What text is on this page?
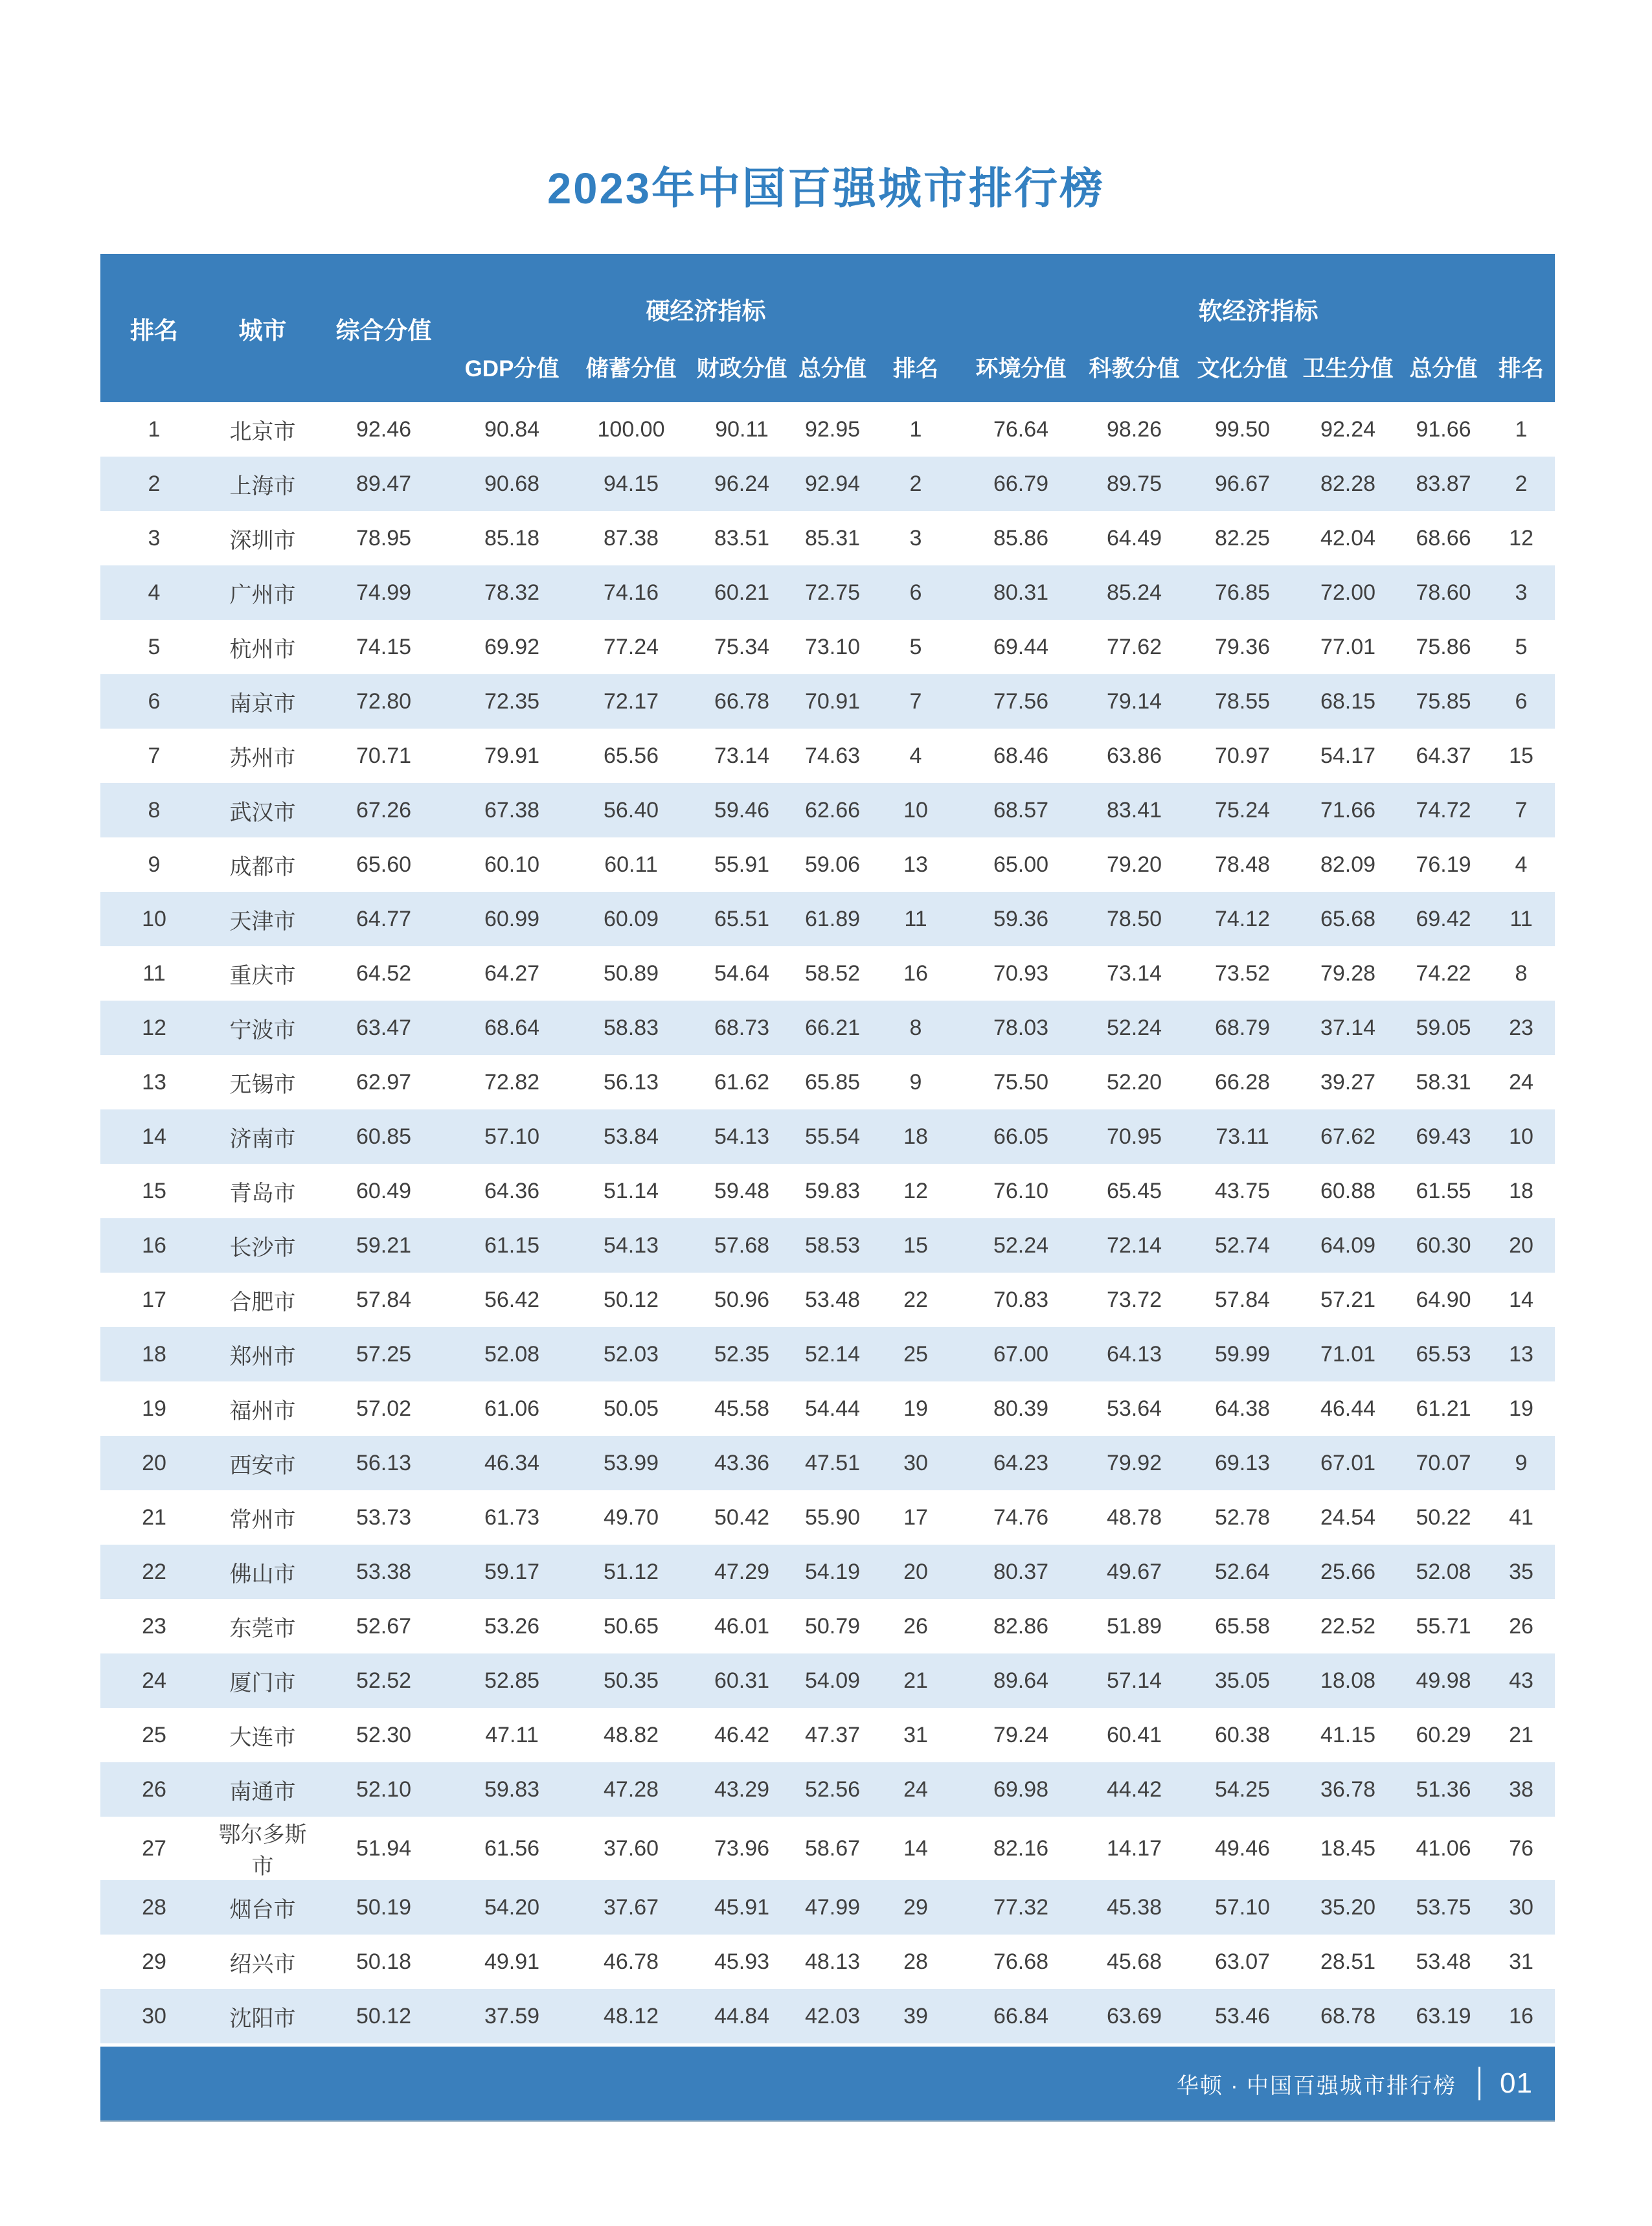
2023年中国百强城市排行榜
排名	城市	综合分值	硬经济指标					软经济指标					
			GDP分值	储蓄分值	财政分值	总分值	排名	环境分值	科教分值	文化分值	卫生分值	总分值	排名
1	北京市	92.46	90.84	100.00	90.11	92.95	1	76.64	98.26	99.50	92.24	91.66	1
2	上海市	89.47	90.68	94.15	96.24	92.94	2	66.79	89.75	96.67	82.28	83.87	2
3	深圳市	78.95	85.18	87.38	83.51	85.31	3	85.86	64.49	82.25	42.04	68.66	12
4	广州市	74.99	78.32	74.16	60.21	72.75	6	80.31	85.24	76.85	72.00	78.60	3
5	杭州市	74.15	69.92	77.24	75.34	73.10	5	69.44	77.62	79.36	77.01	75.86	5
6	南京市	72.80	72.35	72.17	66.78	70.91	7	77.56	79.14	78.55	68.15	75.85	6
7	苏州市	70.71	79.91	65.56	73.14	74.63	4	68.46	63.86	70.97	54.17	64.37	15
8	武汉市	67.26	67.38	56.40	59.46	62.66	10	68.57	83.41	75.24	71.66	74.72	7
9	成都市	65.60	60.10	60.11	55.91	59.06	13	65.00	79.20	78.48	82.09	76.19	4
10	天津市	64.77	60.99	60.09	65.51	61.89	11	59.36	78.50	74.12	65.68	69.42	11
11	重庆市	64.52	64.27	50.89	54.64	58.52	16	70.93	73.14	73.52	79.28	74.22	8
12	宁波市	63.47	68.64	58.83	68.73	66.21	8	78.03	52.24	68.79	37.14	59.05	23
13	无锡市	62.97	72.82	56.13	61.62	65.85	9	75.50	52.20	66.28	39.27	58.31	24
14	济南市	60.85	57.10	53.84	54.13	55.54	18	66.05	70.95	73.11	67.62	69.43	10
15	青岛市	60.49	64.36	51.14	59.48	59.83	12	76.10	65.45	43.75	60.88	61.55	18
16	长沙市	59.21	61.15	54.13	57.68	58.53	15	52.24	72.14	52.74	64.09	60.30	20
17	合肥市	57.84	56.42	50.12	50.96	53.48	22	70.83	73.72	57.84	57.21	64.90	14
18	郑州市	57.25	52.08	52.03	52.35	52.14	25	67.00	64.13	59.99	71.01	65.53	13
19	福州市	57.02	61.06	50.05	45.58	54.44	19	80.39	53.64	64.38	46.44	61.21	19
20	西安市	56.13	46.34	53.99	43.36	47.51	30	64.23	79.92	69.13	67.01	70.07	9
21	常州市	53.73	61.73	49.70	50.42	55.90	17	74.76	48.78	52.78	24.54	50.22	41
22	佛山市	53.38	59.17	51.12	47.29	54.19	20	80.37	49.67	52.64	25.66	52.08	35
23	东莞市	52.67	53.26	50.65	46.01	50.79	26	82.86	51.89	65.58	22.52	55.71	26
24	厦门市	52.52	52.85	50.35	60.31	54.09	21	89.64	57.14	35.05	18.08	49.98	43
25	大连市	52.30	47.11	48.82	46.42	47.37	31	79.24	60.41	60.38	41.15	60.29	21
26	南通市	52.10	59.83	47.28	43.29	52.56	24	69.98	44.42	54.25	36.78	51.36	38
27	鄂尔多斯市	51.94	61.56	37.60	73.96	58.67	14	82.16	14.17	49.46	18.45	41.06	76
28	烟台市	50.19	54.20	37.67	45.91	47.99	29	77.32	45.38	57.10	35.20	53.75	30
29	绍兴市	50.18	49.91	46.78	45.93	48.13	28	76.68	45.68	63.07	28.51	53.48	31
30	沈阳市	50.12	37.59	48.12	44.84	42.03	39	66.84	63.69	53.46	68.78	63.19	16
华顿 · 中国百强城市排行榜 01
